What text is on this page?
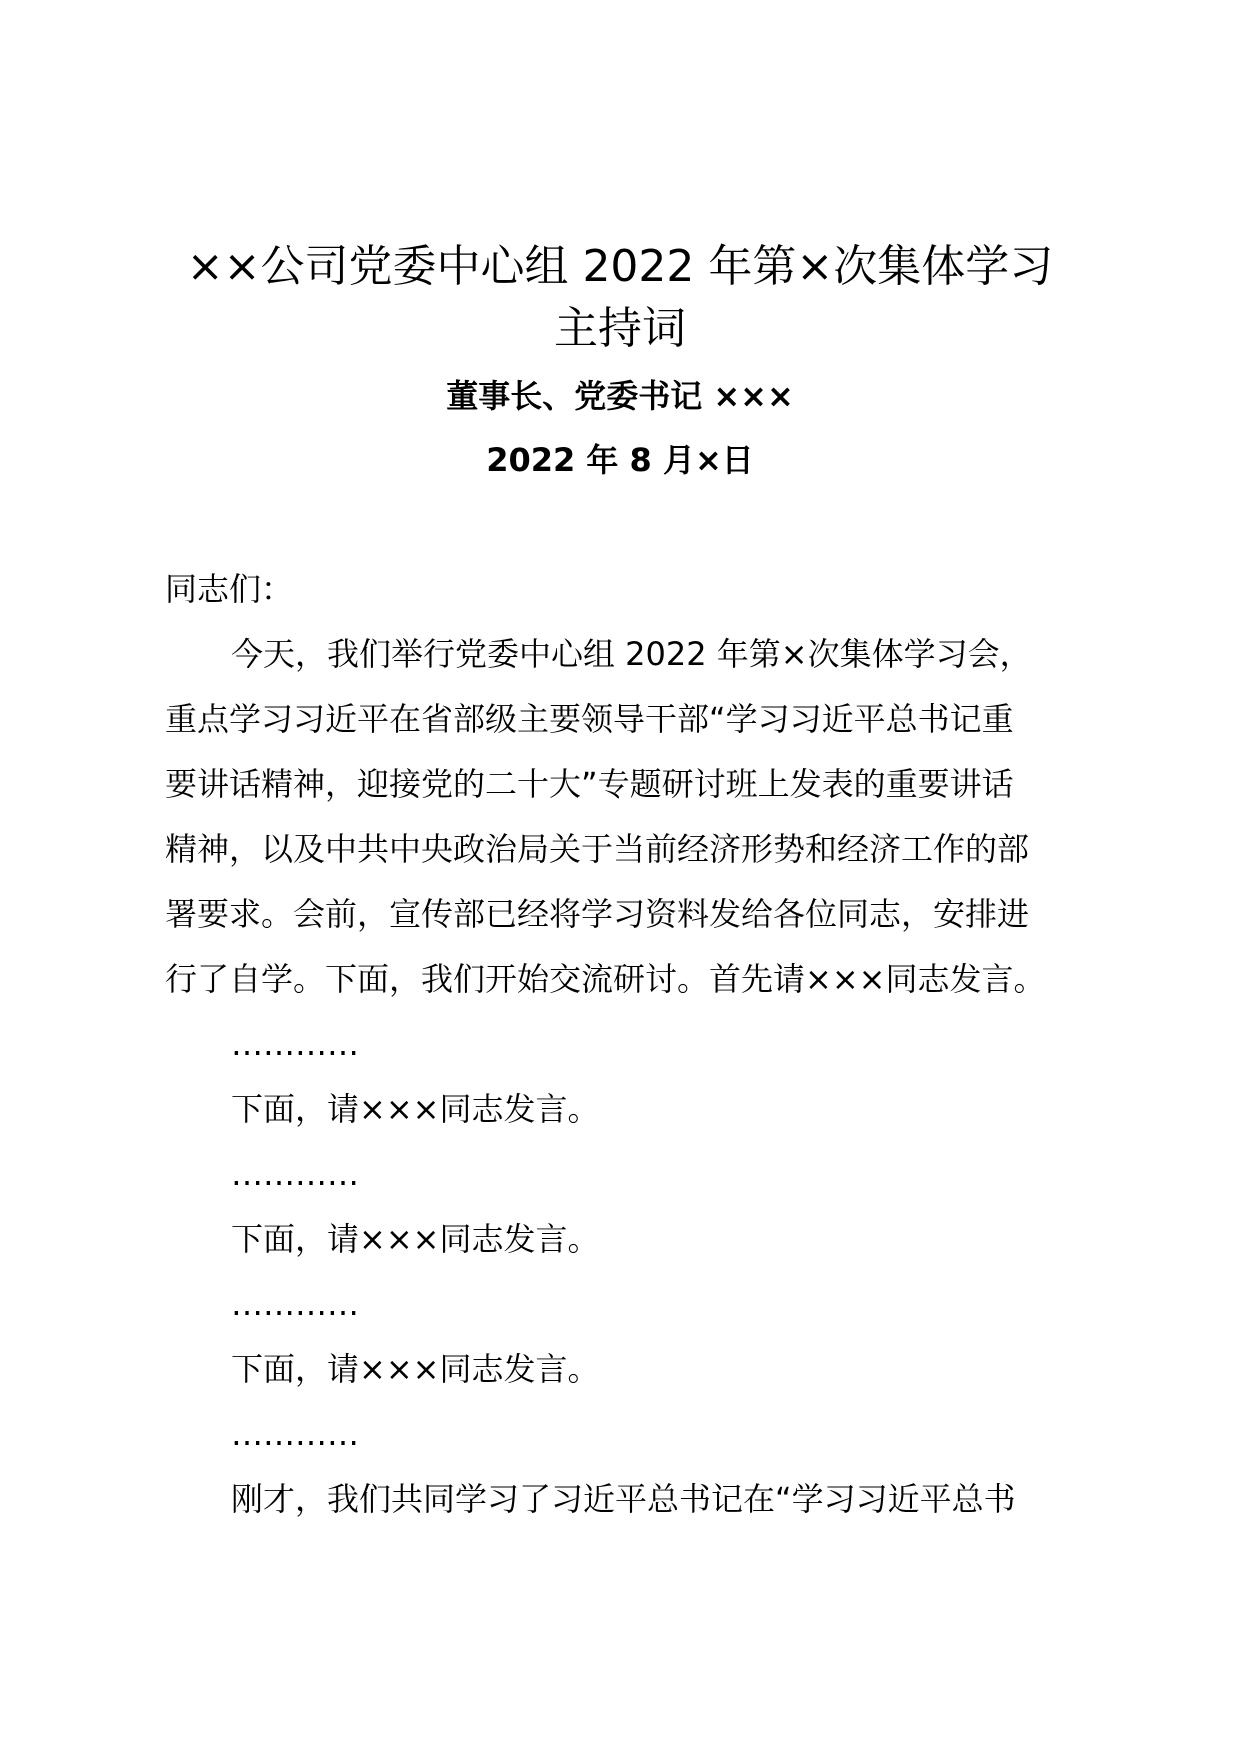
××公司党委中心组 2022 年第×次集体学习
主持词
董事长、党委书记 ×××
2022 年 8 月×日
同志们：
今天，我们举行党委中心组 2022 年第×次集体学习会，
重点学习习近平在省部级主要领导干部“学习习近平总书记重
要讲话精神，迎接党的二十大”专题研讨班上发表的重要讲话
精神，以及中共中央政治局关于当前经济形势和经济工作的部
署要求。会前，宣传部已经将学习资料发给各位同志，安排进
行了自学。下面，我们开始交流研讨。首先请×××同志发言。
…………
下面，请×××同志发言。
…………
下面，请×××同志发言。
…………
下面，请×××同志发言。
…………
刚才，我们共同学习了习近平总书记在“学习习近平总书
